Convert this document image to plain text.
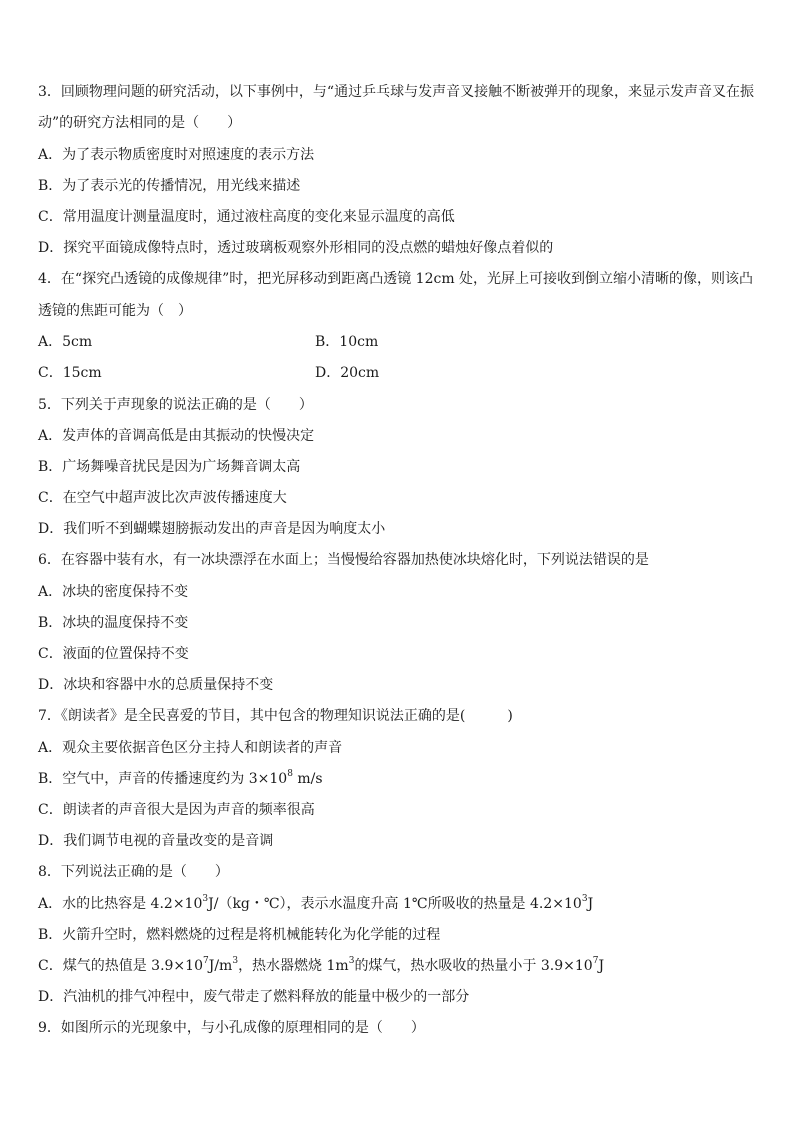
3．回顾物理问题的研究活动，以下事例中，与“通过乒乓球与发声音叉接触不断被弹开的现象，来显示发声音叉在振
动”的研究方法相同的是（　　）
A．为了表示物质密度时对照速度的表示方法
B．为了表示光的传播情况，用光线来描述
C．常用温度计测量温度时，通过液柱高度的变化来显示温度的高低
D．探究平面镜成像特点时，透过玻璃板观察外形相同的没点燃的蜡烛好像点着似的
4．在“探究凸透镜的成像规律”时，把光屏移动到距离凸透镜 12cm 处，光屏上可接收到倒立缩小清晰的像，则该凸
透镜的焦距可能为（　）
A．5cm	B．10cm
C．15cm	D．20cm
5．下列关于声现象的说法正确的是（　　）
A．发声体的音调高低是由其振动的快慢决定
B．广场舞噪音扰民是因为广场舞音调太高
C．在空气中超声波比次声波传播速度大
D．我们听不到蝴蝶翅膀振动发出的声音是因为响度太小
6．在容器中装有水，有一冰块漂浮在水面上；当慢慢给容器加热使冰块熔化时，下列说法错误的是
A．冰块的密度保持不变
B．冰块的温度保持不变
C．液面的位置保持不变
D．冰块和容器中水的总质量保持不变
7．《朗读者》是全民喜爱的节目，其中包含的物理知识说法正确的是(　　　)
A．观众主要依据音色区分主持人和朗读者的声音
B．空气中，声音的传播速度约为 $3\times 10^8$ m/s
C．朗读者的声音很大是因为声音的频率很高
D．我们调节电视的音量改变的是音调
8．下列说法正确的是（　　）
A．水的比热容是 $4.2\times 10^3J/(kg$・℃），表示水温度升高 1℃所吸收的热量是 $4.2\times 10^3J$
B．火箭升空时，燃料燃烧的过程是将机械能转化为化学能的过程
C．煤气的热值是 $3.9\times 10^7J/m^3$，热水器燃烧 $1m^3$的煤气，热水吸收的热量小于 $3.9\times 10^7J$
D．汽油机的排气冲程中，废气带走了燃料释放的能量中极少的一部分
9．如图所示的光现象中，与小孔成像的原理相同的是（　　）
